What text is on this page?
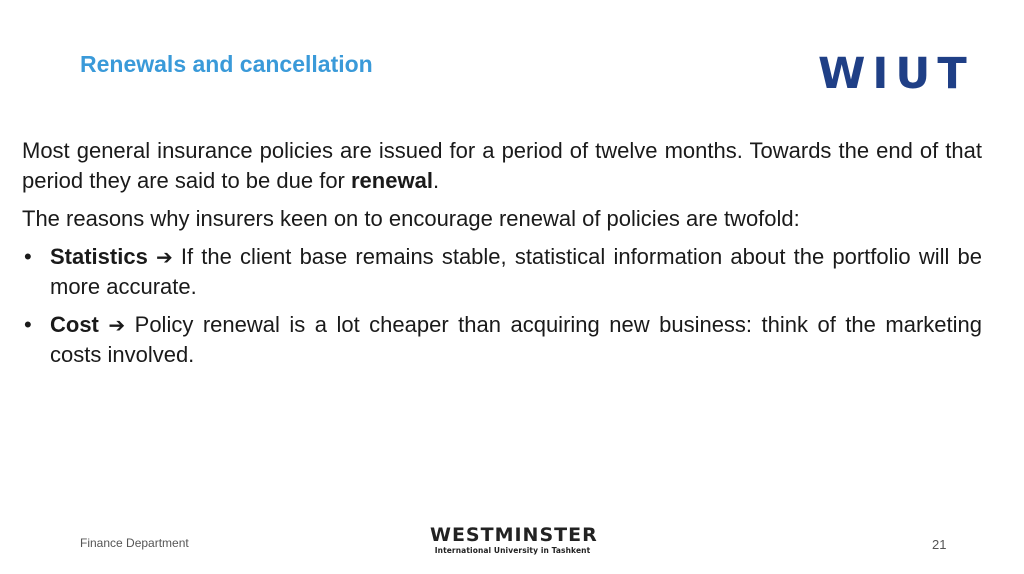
Renewals and cancellation	WIUT

Most general insurance policies are issued for a period of twelve months. Towards the end of that period they are said to be due for renewal.

The reasons why insurers keen on to encourage renewal of policies are twofold:

• Statistics ➔ If the client base remains stable, statistical information about the portfolio will be more accurate.
• Cost ➔ Policy renewal is a lot cheaper than acquiring new business: think of the marketing costs involved.
Finance Department	WESTMINSTER
International University in Tashkent	21
